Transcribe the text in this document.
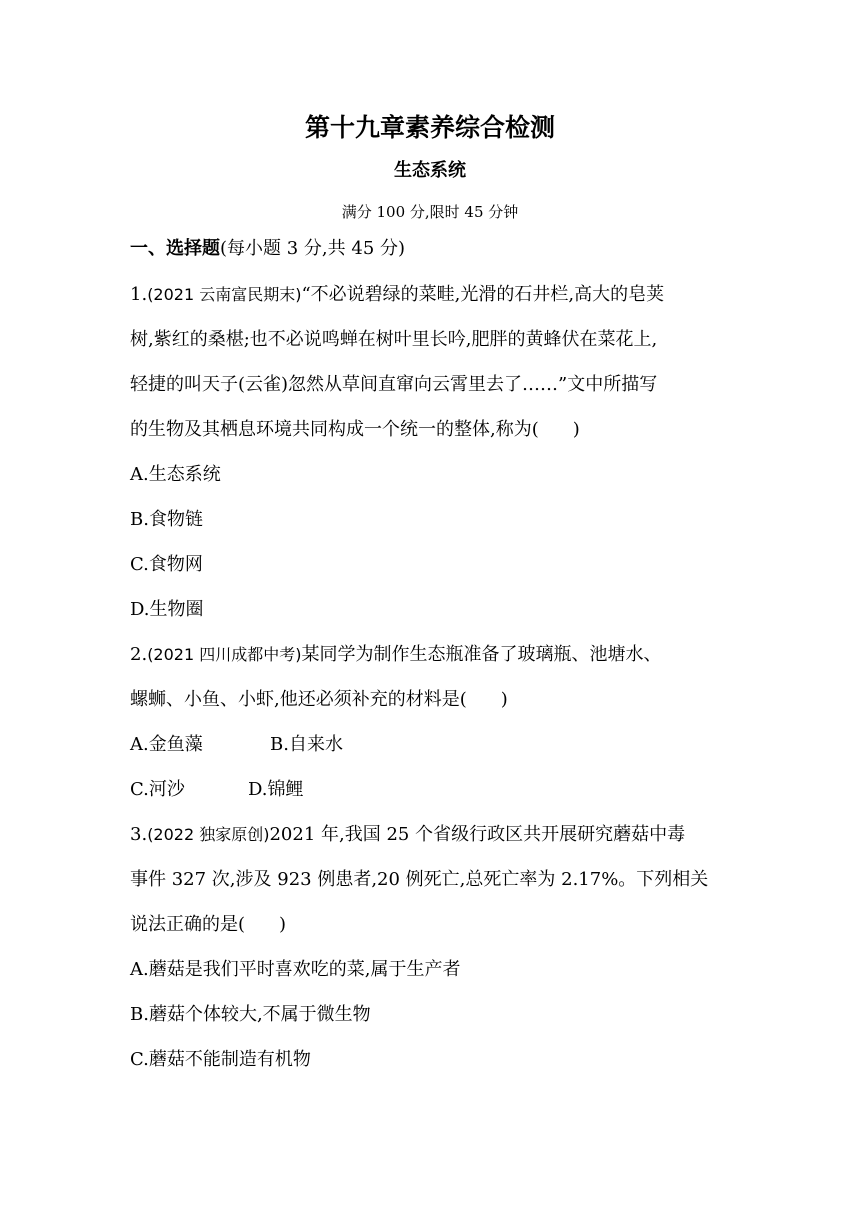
第十九章素养综合检测
生态系统
满分 100 分,限时 45 分钟
一、选择题(每小题 3 分,共 45 分)
1.(2021 云南富民期末)“不必说碧绿的菜畦,光滑的石井栏,高大的皂荚
树,紫红的桑椹;也不必说鸣蝉在树叶里长吟,肥胖的黄蜂伏在菜花上,
轻捷的叫天子(云雀)忽然从草间直窜向云霄里去了……”文中所描写
的生物及其栖息环境共同构成一个统一的整体,称为( )
A.生态系统
B.食物链
C.食物网
D.生物圈
2.(2021 四川成都中考)某同学为制作生态瓶准备了玻璃瓶、池塘水、
螺蛳、小鱼、小虾,他还必须补充的材料是( )
A.金鱼藻	B.自来水
C.河沙	D.锦鲤
3.(2022 独家原创)2021 年,我国 25 个省级行政区共开展研究蘑菇中毒
事件 327 次,涉及 923 例患者,20 例死亡,总死亡率为 2.17%。下列相关
说法正确的是( )
A.蘑菇是我们平时喜欢吃的菜,属于生产者
B.蘑菇个体较大,不属于微生物
C.蘑菇不能制造有机物
